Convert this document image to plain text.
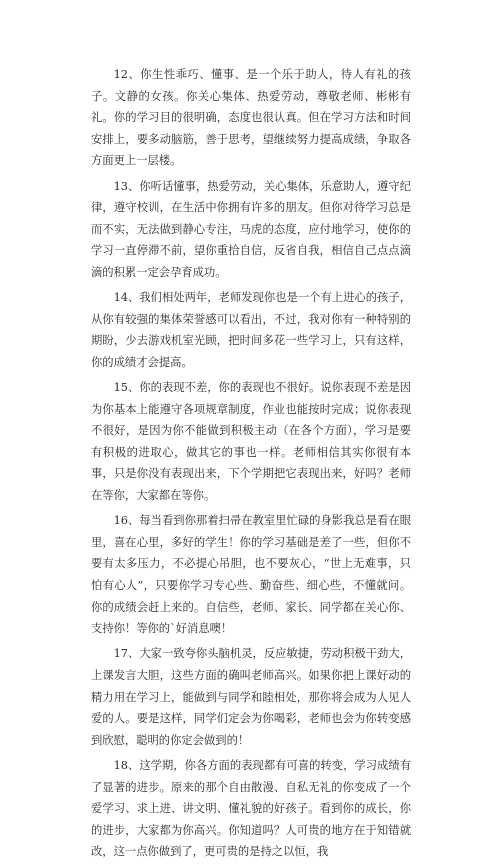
12、你生性乖巧、懂事、是一个乐于助人，待人有礼的孩子。文静的女孩。你关心集体、热爱劳动，尊敬老师、彬彬有礼。你的学习目的很明确，态度也很认真。但在学习方法和时间安排上，要多动脑筋，善于思考，望继续努力提高成绩，争取各方面更上一层楼。

13、你听话懂事，热爱劳动，关心集体，乐意助人，遵守纪律，遵守校训，在生活中你拥有许多的朋友。但你对待学习总是而不实，无法做到静心专注，马虎的态度，应付地学习，使你的学习一直停滞不前，望你重拾自信，反省自我，相信自己点点滴滴的积累一定会孕育成功。

14、我们相处两年，老师发现你也是一个有上进心的孩子，从你有较强的集体荣誉感可以看出，不过，我对你有一种特别的期盼，少去游戏机室光顾，把时间多花一些学习上，只有这样，你的成绩才会提高。

15、你的表现不差，你的表现也不很好。说你表现不差是因为你基本上能遵守各项规章制度，作业也能按时完成；说你表现不很好，是因为你不能做到积极主动（在各个方面），学习是要有积极的进取心，做其它的事也一样。老师相信其实你很有本事，只是你没有表现出来，下个学期把它表现出来，好吗？老师在等你，大家都在等你。

16、每当看到你那着扫帚在教室里忙碌的身影我总是看在眼里，喜在心里，多好的学生！你的学习基础是差了一些，但你不要有太多压力，不必提心吊胆，也不要灰心，“世上无难事，只怕有心人”，只要你学习专心些、勤奋些、细心些，不懂就问。你的成绩会赶上来的。自信些，老师、家长、同学都在关心你、支持你！等你的`好消息噢！

17、大家一致夸你头脑机灵，反应敏捷，劳动积极干劲大，上课发言大胆，这些方面的确叫老师高兴。如果你把上课好动的精力用在学习上，能做到与同学和睦相处，那你将会成为人见人爱的人。要是这样，同学们定会为你喝彩，老师也会为你转变感到欣慰，聪明的你定会做到的！

18、这学期，你各方面的表现都有可喜的转变，学习成绩有了显著的进步。原来的那个自由散漫、自私无礼的你变成了一个爱学习、求上进、讲文明、懂礼貌的好孩子。看到你的成长，你的进步，大家都为你高兴。你知道吗？人可贵的地方在于知错就改，这一点你做到了，更可贵的是持之以恒，我
